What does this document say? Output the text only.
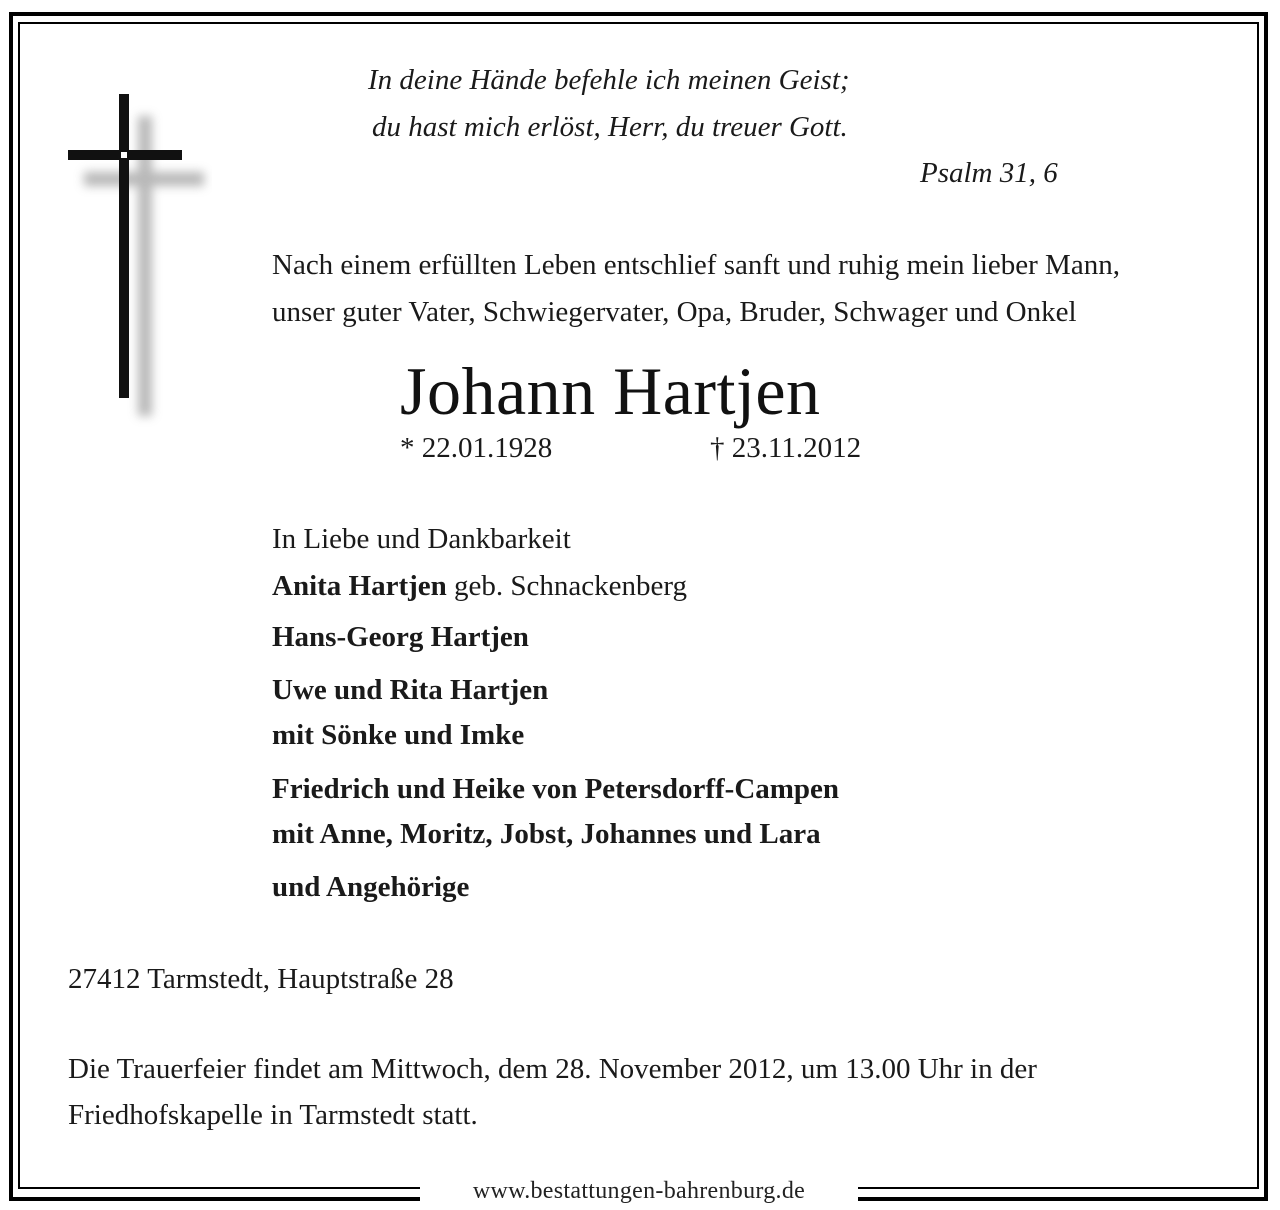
In deine Hände befehle ich meinen Geist;
du hast mich erlöst, Herr, du treuer Gott.
Psalm 31, 6
Nach einem erfüllten Leben entschlief sanft und ruhig mein lieber Mann,
unser guter Vater, Schwiegervater, Opa, Bruder, Schwager und Onkel
Johann Hartjen
* 22.01.1928	† 23.11.2012
In Liebe und Dankbarkeit
Anita Hartjen geb. Schnackenberg
Hans-Georg Hartjen
Uwe und Rita Hartjen
mit Sönke und Imke
Friedrich und Heike von Petersdorff-Campen
mit Anne, Moritz, Jobst, Johannes und Lara
und Angehörige
27412 Tarmstedt, Hauptstraße 28
Die Trauerfeier findet am Mittwoch, dem 28. November 2012, um 13.00 Uhr in der
Friedhofskapelle in Tarmstedt statt.
www.bestattungen-bahrenburg.de
